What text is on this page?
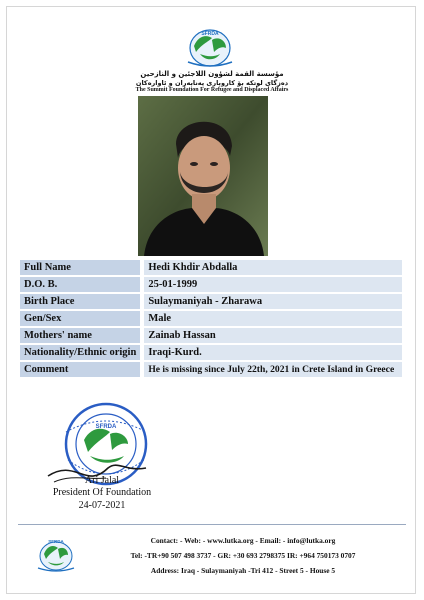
SFRDA
مؤسسة القمة لشؤون اللاجئين و النازحين
دەزگای لوتکە بۆ کاروباری پەنابەران و ئاوارەکان
The Summit Foundation For Refugee and Displaced Affairs
Full Name	Hedi Khdir Abdalla
D.O. B.	25-01-1999
Birth Place	Sulaymaniyah - Zharawa
Gen/Sex	Male
Mothers' name	Zainab Hassan
Nationality/Ethnic origin	Iraqi-Kurd.
Comment	He is missing since July 22th, 2021 in Crete Island in Greece
SFRDA
Ari Jalal
President Of Foundation
24-07-2021
SFRDA	Contact: - Web: - www.lutka.org - Email: - info@lutka.org
Tel: -TR+90 507 498 3737 - GR: +30 693 2798375 IR: +964 750173 0707
Address: Iraq - Sulaymaniyah -Tri 412 - Street 5 - House 5
